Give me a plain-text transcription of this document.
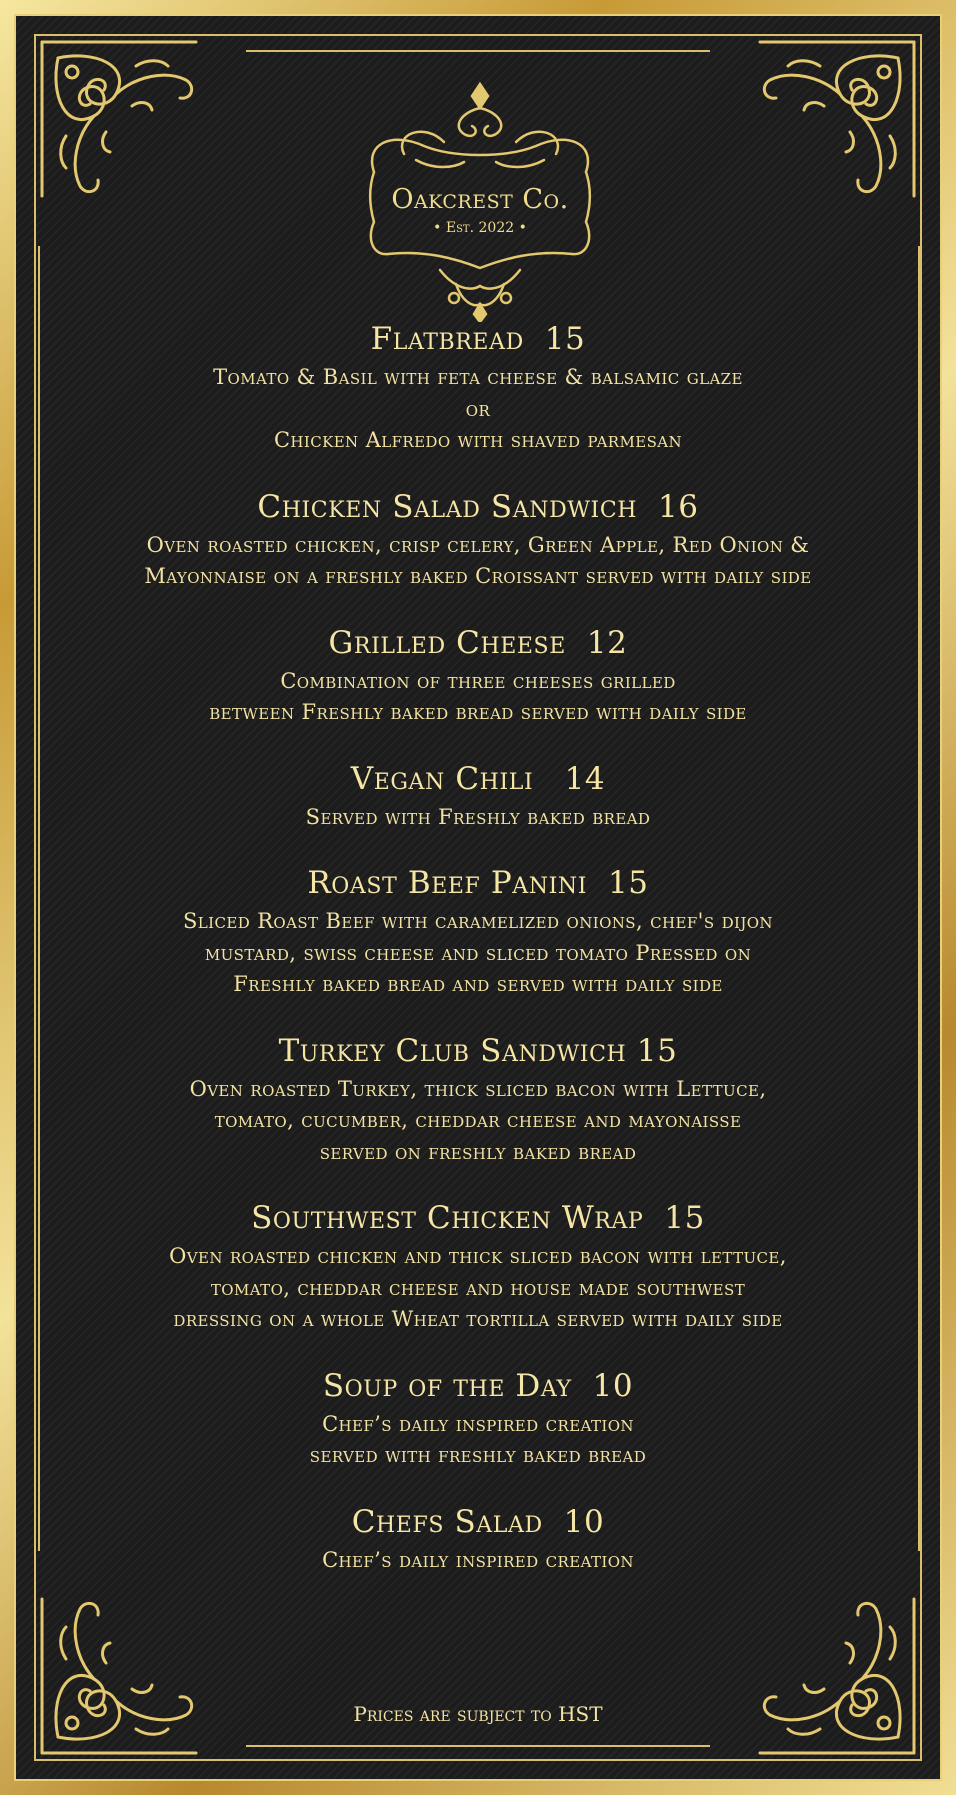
Oakcrest Co.
• Est. 2022 •
Flatbread  15
Tomato & Basil with feta cheese & balsamic glaze
or
Chicken Alfredo with shaved parmesan
Chicken Salad Sandwich  16
Oven roasted chicken, crisp celery, Green Apple, Red Onion &
Mayonnaise on a freshly baked Croissant served with daily side
Grilled Cheese  12
Combination of three cheeses grilled
between Freshly baked bread served with daily side
Vegan Chili   14
Served with Freshly baked bread
Roast Beef Panini  15
Sliced Roast Beef with caramelized onions, chef's dijon
mustard, swiss cheese and sliced tomato Pressed on
Freshly baked bread and served with daily side
Turkey Club Sandwich 15
Oven roasted Turkey, thick sliced bacon with Lettuce,
tomato, cucumber, cheddar cheese and mayonaisse
served on freshly baked bread
Southwest Chicken Wrap  15
Oven roasted chicken and thick sliced bacon with lettuce,
tomato, cheddar cheese and house made southwest
dressing on a whole Wheat tortilla served with daily side
Soup of the Day  10
Chef’s daily inspired creation
served with freshly baked bread
Chefs Salad  10
Chef’s daily inspired creation
Prices are subject to HST
